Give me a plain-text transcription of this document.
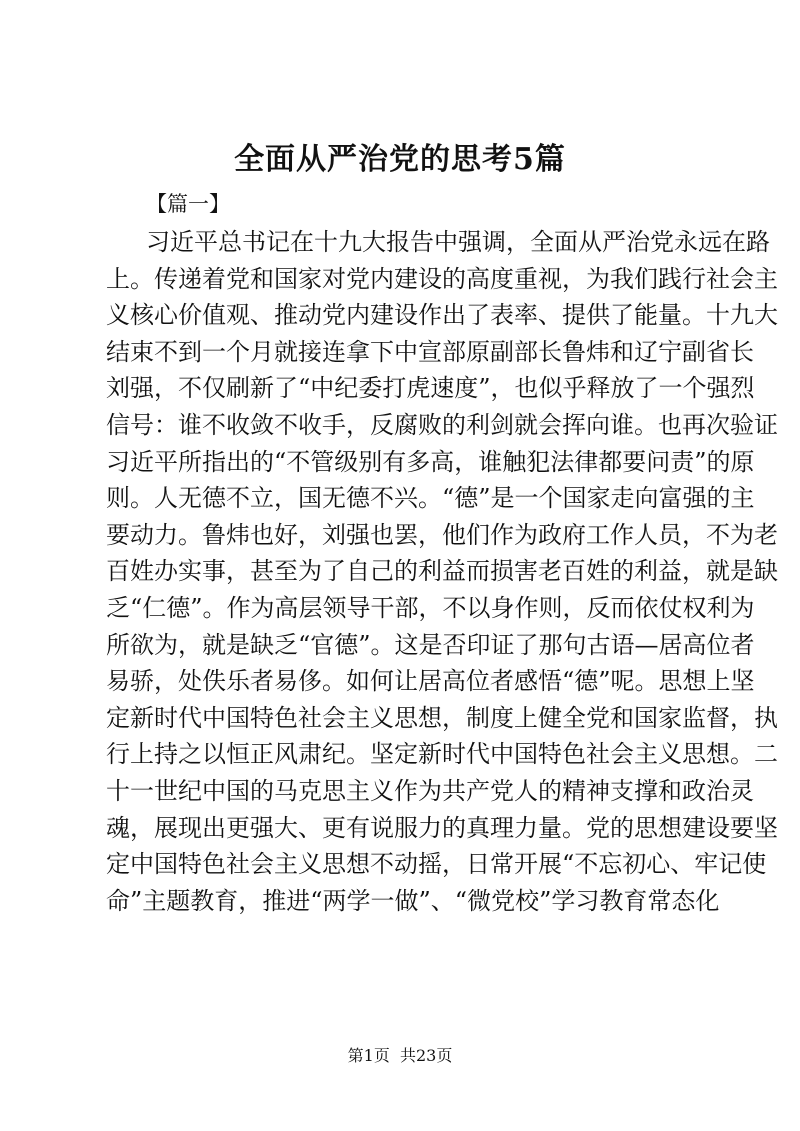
全面从严治党的思考5篇
【篇一】
习近平总书记在十九大报告中强调，全面从严治党永远在路
上。传递着党和国家对党内建设的高度重视，为我们践行社会主
义核心价值观、推动党内建设作出了表率、提供了能量。十九大
结束不到一个月就接连拿下中宣部原副部长鲁炜和辽宁副省长
刘强，不仅刷新了“中纪委打虎速度”，也似乎释放了一个强烈
信号：谁不收敛不收手，反腐败的利剑就会挥向谁。也再次验证
习近平所指出的“不管级别有多高，谁触犯法律都要问责”的原
则。人无德不立，国无德不兴。“德”是一个国家走向富强的主
要动力。鲁炜也好，刘强也罢，他们作为政府工作人员，不为老
百姓办实事，甚至为了自己的利益而损害老百姓的利益，就是缺
乏“仁德”。作为高层领导干部，不以身作则，反而依仗权利为
所欲为，就是缺乏“官德”。这是否印证了那句古语—居高位者
易骄，处佚乐者易侈。如何让居高位者感悟“德”呢。思想上坚
定新时代中国特色社会主义思想，制度上健全党和国家监督，执
行上持之以恒正风肃纪。坚定新时代中国特色社会主义思想。二
十一世纪中国的马克思主义作为共产党人的精神支撑和政治灵
魂，展现出更强大、更有说服力的真理力量。党的思想建设要坚
定中国特色社会主义思想不动摇，日常开展“不忘初心、牢记使
命”主题教育，推进“两学一做”、“微党校”学习教育常态化
第1页  共23页
